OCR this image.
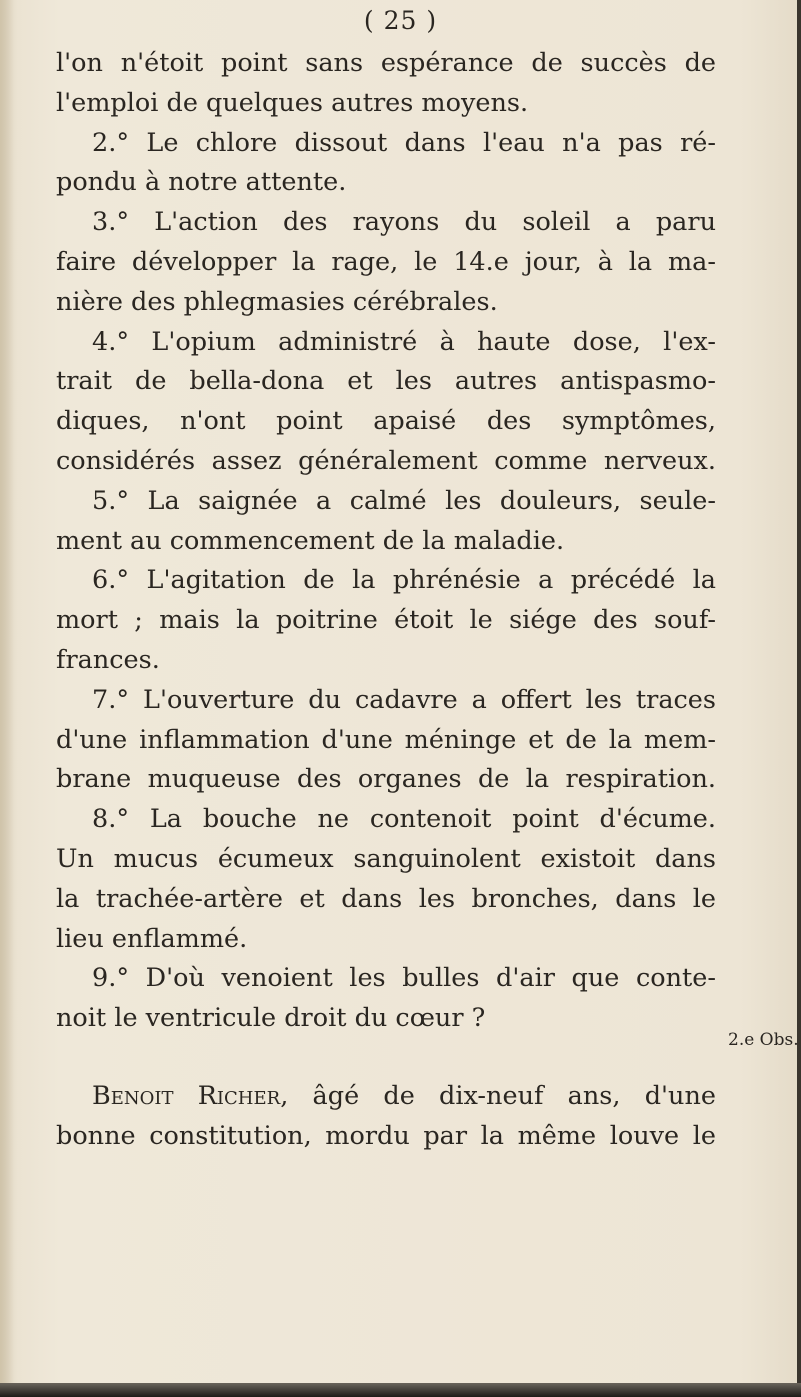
( 25 )
l'on n'étoit point sans espérance de succès de
l'emploi de quelques autres moyens.
2.° Le chlore dissout dans l'eau n'a pas ré-
pondu à notre attente.
3.° L'action des rayons du soleil a paru
faire développer la rage, le 14.e jour, à la ma-
nière des phlegmasies cérébrales.
4.° L'opium administré à haute dose, l'ex-
trait de bella-dona et les autres antispasmo-
diques, n'ont point apaisé des symptômes,
considérés assez généralement comme nerveux.
5.° La saignée a calmé les douleurs, seule-
ment au commencement de la maladie.
6.° L'agitation de la phrénésie a précédé la
mort ; mais la poitrine étoit le siége des souf-
frances.
7.° L'ouverture du cadavre a offert les traces
d'une inflammation d'une méninge et de la mem-
brane muqueuse des organes de la respiration.
8.° La bouche ne contenoit point d'écume.
Un mucus écumeux sanguinolent existoit dans
la trachée-artère et dans les bronches, dans le
lieu enflammé.
9.° D'où venoient les bulles d'air que conte-
noit le ventricule droit du cœur ?
Benoit Richer, âgé de dix-neuf ans, d'une
bonne constitution, mordu par la même louve le
2.e Obs.
